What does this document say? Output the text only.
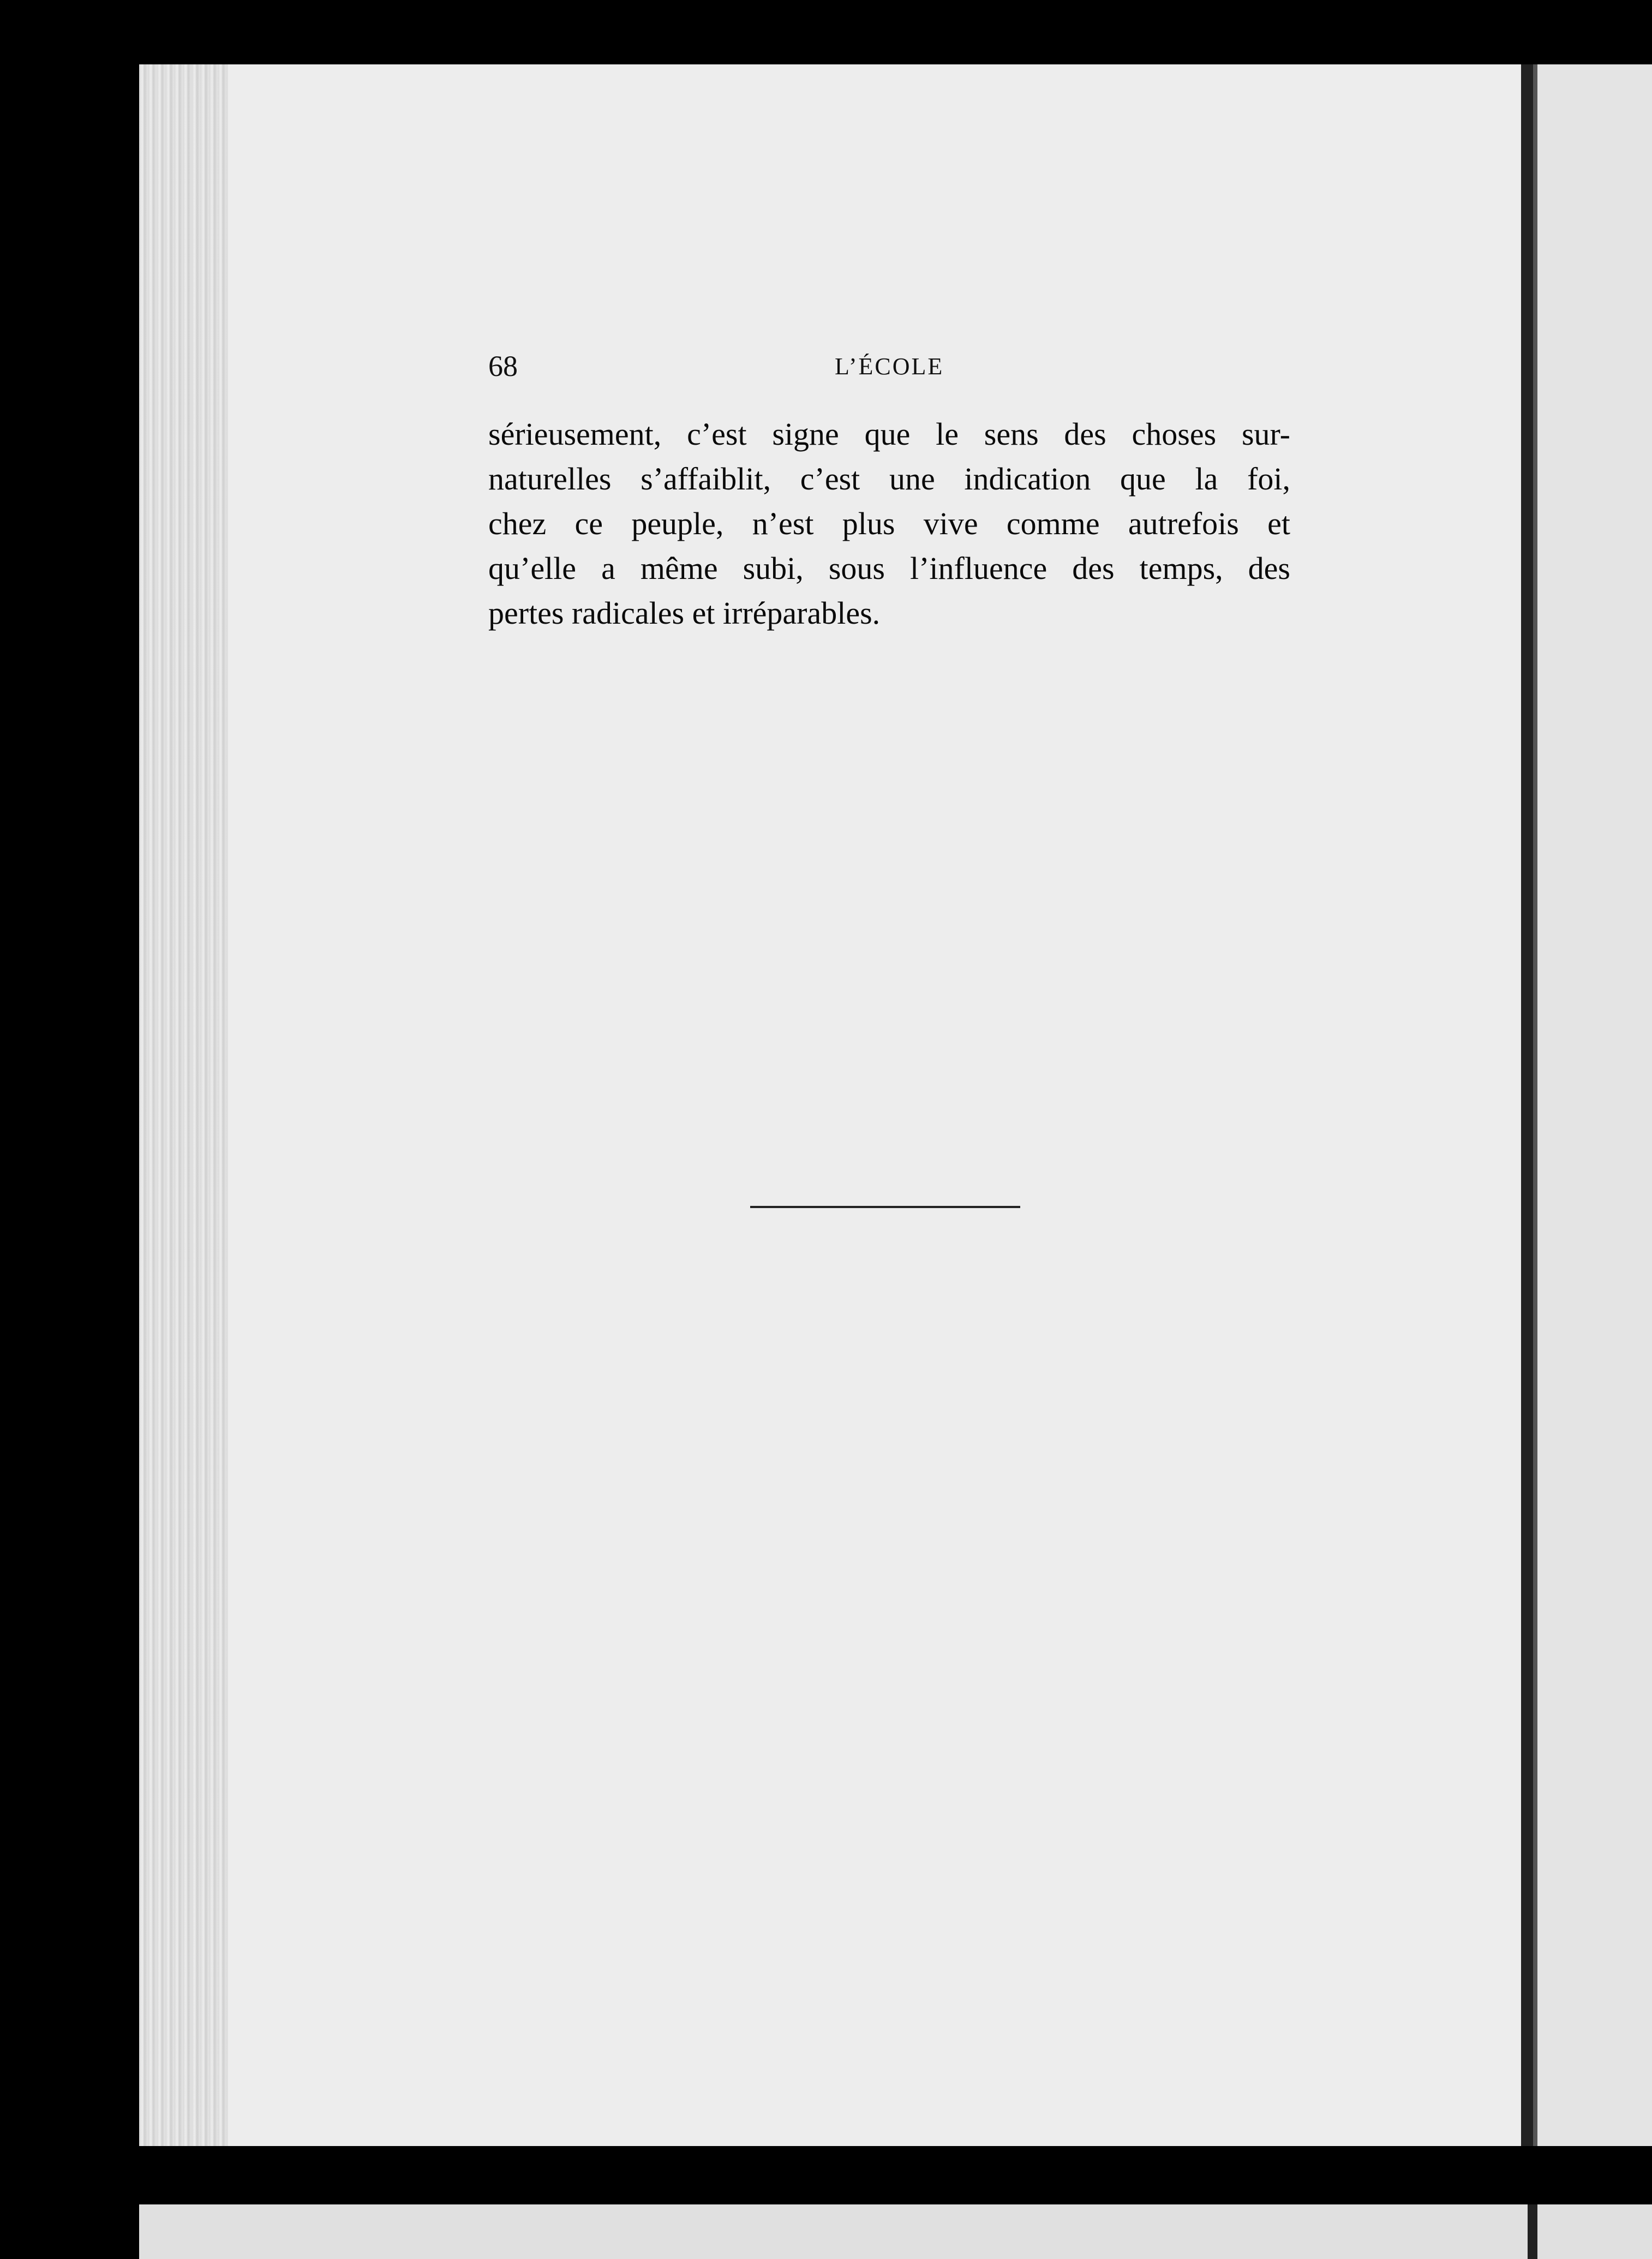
68	L’ÉCOLE
sérieusement, c’est signe que le sens des choses sur-
naturelles s’affaiblit, c’est une indication que la foi,
chez ce peuple, n’est plus vive comme autrefois et
qu’elle a même subi, sous l’influence des temps, des
pertes radicales et irréparables.
